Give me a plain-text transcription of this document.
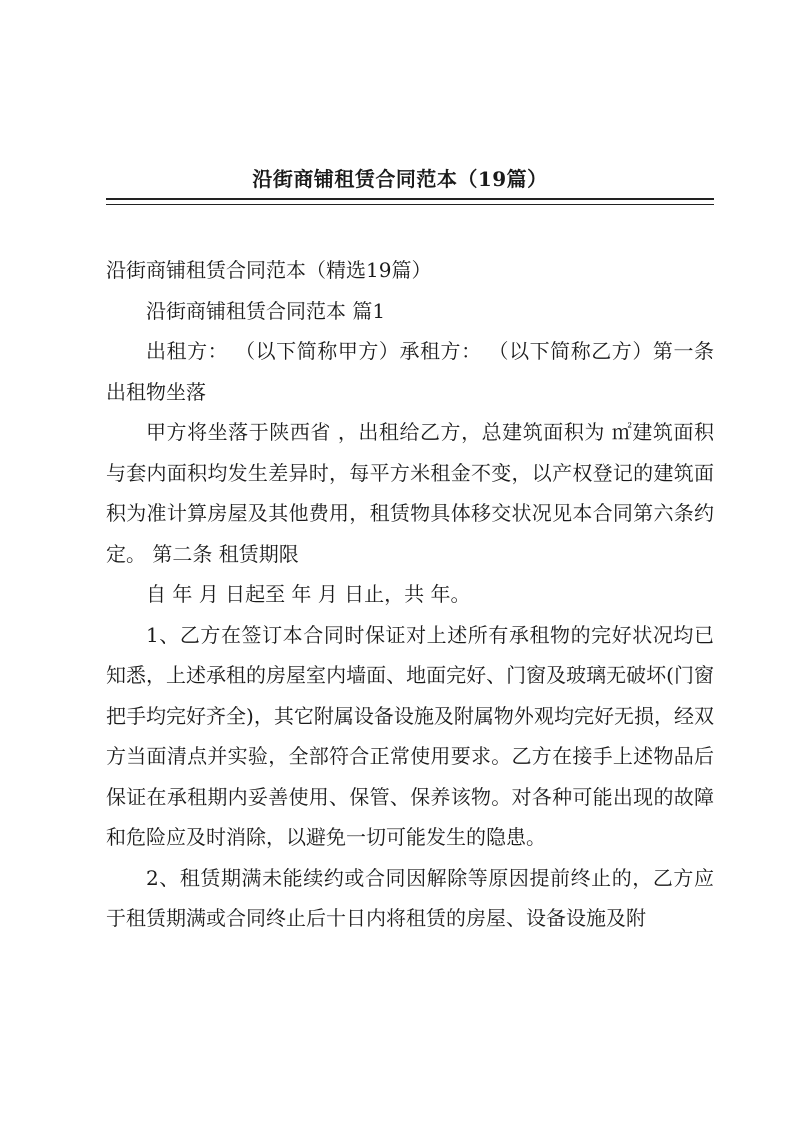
沿街商铺租赁合同范本（19篇）

沿街商铺租赁合同范本（精选19篇）

沿街商铺租赁合同范本 篇1

出租方： （以下简称甲方）承租方： （以下简称乙方）第一条 出租物坐落

甲方将坐落于陕西省 ，出租给乙方，总建筑面积为 ㎡建筑面积与套内面积均发生差异时，每平方米租金不变，以产权登记的建筑面积为准计算房屋及其他费用，租赁物具体移交状况见本合同第六条约定。 第二条 租赁期限

自 年 月 日起至 年 月 日止，共 年。

1、乙方在签订本合同时保证对上述所有承租物的完好状况均已知悉，上述承租的房屋室内墙面、地面完好、门窗及玻璃无破坏(门窗把手均完好齐全)，其它附属设备设施及附属物外观均完好无损，经双方当面清点并实验，全部符合正常使用要求。乙方在接手上述物品后保证在承租期内妥善使用、保管、保养该物。对各种可能出现的故障和危险应及时消除，以避免一切可能发生的隐患。

2、租赁期满未能续约或合同因解除等原因提前终止的，乙方应于租赁期满或合同终止后十日内将租赁的房屋、设备设施及附
